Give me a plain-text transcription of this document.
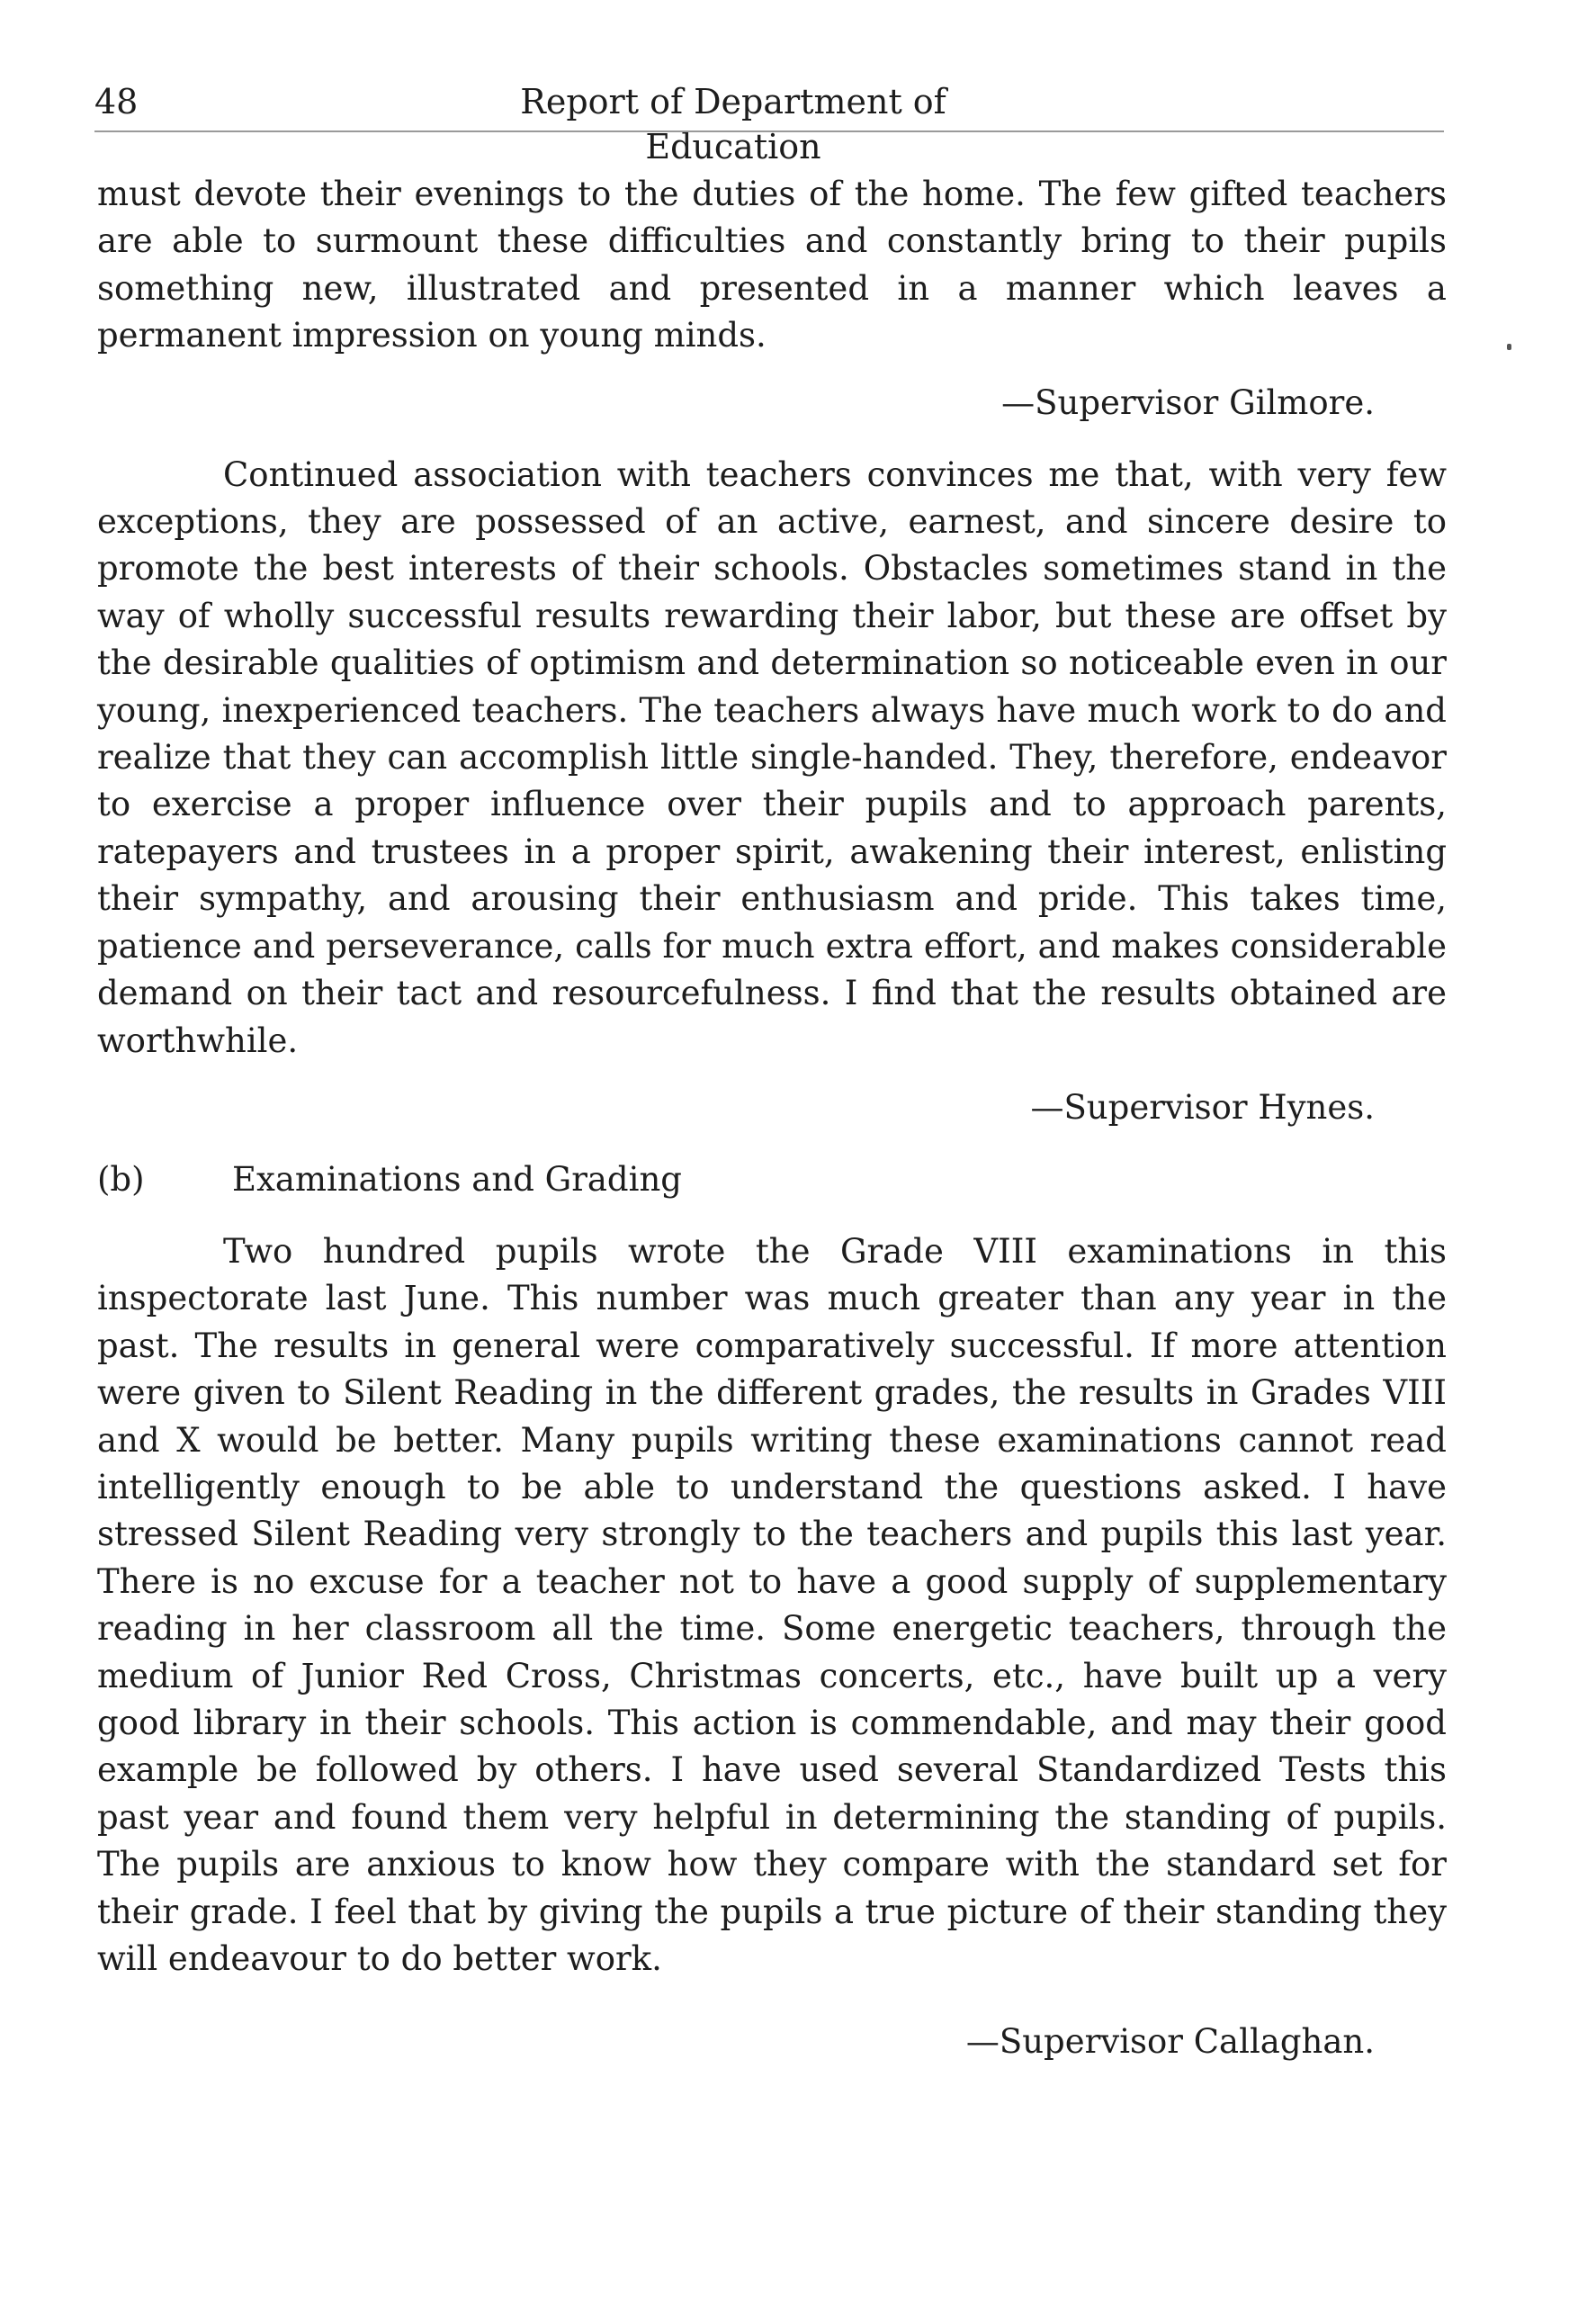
48	Report of Department of Education

must devote their evenings to the duties of the home. The few gifted teachers are able to surmount these difficulties and constantly bring to their pupils something new, illustrated and presented in a manner which leaves a permanent impression on young minds.

—Supervisor Gilmore.

Continued association with teachers convinces me that, with very few exceptions, they are possessed of an active, earnest, and sincere desire to promote the best interests of their schools. Obstacles sometimes stand in the way of wholly successful results rewarding their labor, but these are offset by the desirable qualities of optimism and determination so noticeable even in our young, inexperienced teachers. The teachers always have much work to do and realize that they can accomplish little single-handed. They, therefore, endeavor to exercise a proper influence over their pupils and to approach parents, ratepayers and trustees in a proper spirit, awakening their interest, enlisting their sympathy, and arousing their enthusiasm and pride. This takes time, patience and perseverance, calls for much extra effort, and makes considerable demand on their tact and resourcefulness. I find that the results obtained are worthwhile.

—Supervisor Hynes.

(b)	Examinations and Grading

Two hundred pupils wrote the Grade VIII examinations in this inspectorate last June. This number was much greater than any year in the past. The results in general were comparatively successful. If more attention were given to Silent Reading in the different grades, the results in Grades VIII and X would be better. Many pupils writing these examinations cannot read intelligently enough to be able to understand the questions asked. I have stressed Silent Reading very strongly to the teachers and pupils this last year. There is no excuse for a teacher not to have a good supply of supplementary reading in her classroom all the time. Some energetic teachers, through the medium of Junior Red Cross, Christmas concerts, etc., have built up a very good library in their schools. This action is commendable, and may their good example be followed by others. I have used several Standardized Tests this past year and found them very helpful in determining the standing of pupils. The pupils are anxious to know how they compare with the standard set for their grade. I feel that by giving the pupils a true picture of their standing they will endeavour to do better work.

—Supervisor Callaghan.
